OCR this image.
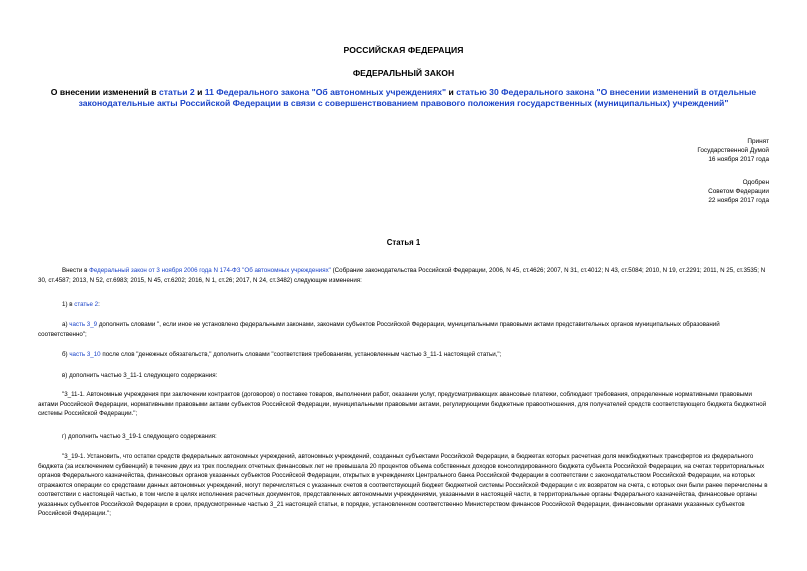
РОССИЙСКАЯ ФЕДЕРАЦИЯ
ФЕДЕРАЛЬНЫЙ ЗАКОН
О внесении изменений в статьи 2 и 11 Федерального закона "Об автономных учреждениях" и статью 30 Федерального закона "О внесении изменений в отдельные законодательные акты Российской Федерации в связи с совершенствованием правового положения государственных (муниципальных) учреждений"
Принят
Государственной Думой
16 ноября 2017 года
Одобрен
Советом Федерации
22 ноября 2017 года
Статья 1
Внести в Федеральный закон от 3 ноября 2006 года N 174-ФЗ "Об автономных учреждениях" (Собрание законодательства Российской Федерации, 2006, N 45, ст.4626; 2007, N 31, ст.4012; N 43, ст.5084; 2010, N 19, ст.2291; 2011, N 25, ст.3535; N 30, ст.4587; 2013, N 52, ст.6983; 2015, N 45, ст.6202; 2016, N 1, ст.26; 2017, N 24, ст.3482) следующие изменения:
1) в статье 2:
а) часть 3_9 дополнить словами ", если иное не установлено федеральными законами, законами субъектов Российской Федерации, муниципальными правовыми актами представительных органов муниципальных образований соответственно";
б) часть 3_10 после слов "денежных обязательств," дополнить словами "соответствия требованиям, установленным частью 3_11-1 настоящей статьи,";
в) дополнить частью 3_11-1 следующего содержания:
"3_11-1. Автономные учреждения при заключении контрактов (договоров) о поставке товаров, выполнении работ, оказании услуг, предусматривающих авансовые платежи, соблюдают требования, определенные нормативными правовыми актами Российской Федерации, нормативными правовыми актами субъектов Российской Федерации, муниципальными правовыми актами, регулирующими бюджетные правоотношения, для получателей средств соответствующего бюджета бюджетной системы Российской Федерации.";
г) дополнить частью 3_19-1 следующего содержания:
"3_19-1. Установить, что остатки средств федеральных автономных учреждений, автономных учреждений, созданных субъектами Российской Федерации, в бюджетах которых расчетная доля межбюджетных трансфертов из федерального бюджета (за исключением субвенций) в течение двух из трех последних отчетных финансовых лет не превышала 20 процентов объема собственных доходов консолидированного бюджета субъекта Российской Федерации, на счетах территориальных органов Федерального казначейства, финансовых органов указанных субъектов Российской Федерации, открытых в учреждениях Центрального банка Российской Федерации в соответствии с законодательством Российской Федерации, на которых отражаются операции со средствами данных автономных учреждений, могут перечисляться с указанных счетов в соответствующий бюджет бюджетной системы Российской Федерации с их возвратом на счета, с которых они были ранее перечислены в соответствии с настоящей частью, в том числе в целях исполнения расчетных документов, представленных автономными учреждениями, указанными в настоящей части, в территориальные органы Федерального казначейства, финансовые органы указанных субъектов Российской Федерации в сроки, предусмотренные частью 3_21 настоящей статьи, в порядке, установленном соответственно Министерством финансов Российской Федерации, финансовыми органами указанных субъектов Российской Федерации.";
